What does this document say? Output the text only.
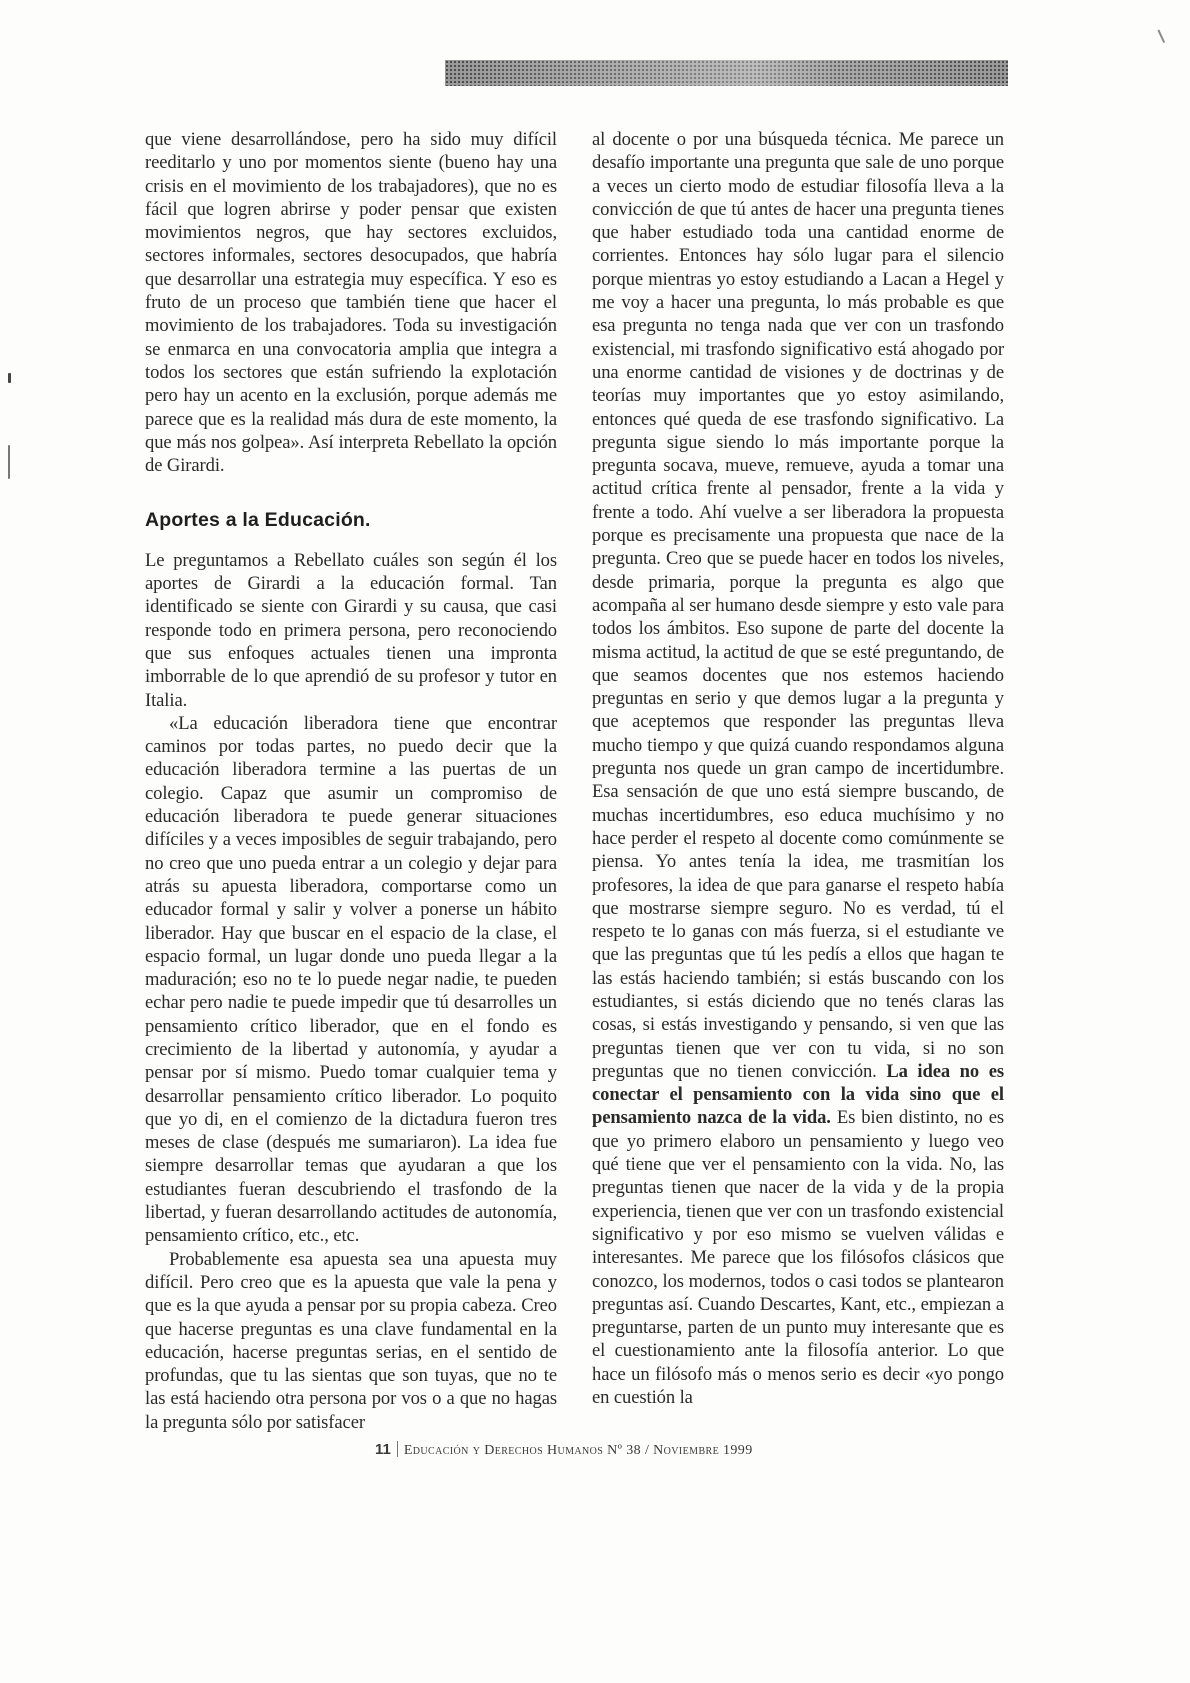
que viene desarrollándose, pero ha sido muy difícil reeditarlo y uno por momentos siente (bueno hay una crisis en el movimiento de los trabajadores), que no es fácil que logren abrirse y poder pensar que existen movimientos negros, que hay sectores excluidos, sectores informales, sectores desocupados, que habría que desarrollar una estrategia muy específica. Y eso es fruto de un proceso que también tiene que hacer el movimiento de los trabajadores. Toda su investigación se enmarca en una convocatoria amplia que integra a todos los sectores que están sufriendo la explotación pero hay un acento en la exclusión, porque además me parece que es la realidad más dura de este momento, la que más nos golpea». Así interpreta Rebellato la opción de Girardi.

Aportes a la Educación.

Le preguntamos a Rebellato cuáles son según él los aportes de Girardi a la educación formal. Tan identificado se siente con Girardi y su causa, que casi responde todo en primera persona, pero reconociendo que sus enfoques actuales tienen una impronta imborrable de lo que aprendió de su profesor y tutor en Italia.

«La educación liberadora tiene que encontrar caminos por todas partes, no puedo decir que la educación liberadora termine a las puertas de un colegio. Capaz que asumir un compromiso de educación liberadora te puede generar situaciones difíciles y a veces imposibles de seguir trabajando, pero no creo que uno pueda entrar a un colegio y dejar para atrás su apuesta liberadora, comportarse como un educador formal y salir y volver a ponerse un hábito liberador. Hay que buscar en el espacio de la clase, el espacio formal, un lugar donde uno pueda llegar a la maduración; eso no te lo puede negar nadie, te pueden echar pero nadie te puede impedir que tú desarrolles un pensamiento crítico liberador, que en el fondo es crecimiento de la libertad y autonomía, y ayudar a pensar por sí mismo. Puedo tomar cualquier tema y desarrollar pensamiento crítico liberador. Lo poquito que yo di, en el comienzo de la dictadura fueron tres meses de clase (después me sumariaron). La idea fue siempre desarrollar temas que ayudaran a que los estudiantes fueran descubriendo el trasfondo de la libertad, y fueran desarrollando actitudes de autonomía, pensamiento crítico, etc., etc.

Probablemente esa apuesta sea una apuesta muy difícil. Pero creo que es la apuesta que vale la pena y que es la que ayuda a pensar por su propia cabeza. Creo que hacerse preguntas es una clave fundamental en la educación, hacerse preguntas serias, en el sentido de profundas, que tu las sientas que son tuyas, que no te las está haciendo otra persona por vos o a que no hagas la pregunta sólo por satisfacer

al docente o por una búsqueda técnica. Me parece un desafío importante una pregunta que sale de uno porque a veces un cierto modo de estudiar filosofía lleva a la convicción de que tú antes de hacer una pregunta tienes que haber estudiado toda una cantidad enorme de corrientes. Entonces hay sólo lugar para el silencio porque mientras yo estoy estudiando a Lacan a Hegel y me voy a hacer una pregunta, lo más probable es que esa pregunta no tenga nada que ver con un trasfondo existencial, mi trasfondo significativo está ahogado por una enorme cantidad de visiones y de doctrinas y de teorías muy importantes que yo estoy asimilando, entonces qué queda de ese trasfondo significativo. La pregunta sigue siendo lo más importante porque la pregunta socava, mueve, remueve, ayuda a tomar una actitud crítica frente al pensador, frente a la vida y frente a todo. Ahí vuelve a ser liberadora la propuesta porque es precisamente una propuesta que nace de la pregunta. Creo que se puede hacer en todos los niveles, desde primaria, porque la pregunta es algo que acompaña al ser humano desde siempre y esto vale para todos los ámbitos. Eso supone de parte del docente la misma actitud, la actitud de que se esté preguntando, de que seamos docentes que nos estemos haciendo preguntas en serio y que demos lugar a la pregunta y que aceptemos que responder las preguntas lleva mucho tiempo y que quizá cuando respondamos alguna pregunta nos quede un gran campo de incertidumbre. Esa sensación de que uno está siempre buscando, de muchas incertidumbres, eso educa muchísimo y no hace perder el respeto al docente como comúnmente se piensa. Yo antes tenía la idea, me trasmitían los profesores, la idea de que para ganarse el respeto había que mostrarse siempre seguro. No es verdad, tú el respeto te lo ganas con más fuerza, si el estudiante ve que las preguntas que tú les pedís a ellos que hagan te las estás haciendo también; si estás buscando con los estudiantes, si estás diciendo que no tenés claras las cosas, si estás investigando y pensando, si ven que las preguntas tienen que ver con tu vida, si no son preguntas que no tienen convicción. La idea no es conectar el pensamiento con la vida sino que el pensamiento nazca de la vida. Es bien distinto, no es que yo primero elaboro un pensamiento y luego veo qué tiene que ver el pensamiento con la vida. No, las preguntas tienen que nacer de la vida y de la propia experiencia, tienen que ver con un trasfondo existencial significativo y por eso mismo se vuelven válidas e interesantes. Me parece que los filósofos clásicos que conozco, los modernos, todos o casi todos se plantearon preguntas así. Cuando Descartes, Kant, etc., empiezan a preguntarse, parten de un punto muy interesante que es el cuestionamiento ante la filosofía anterior. Lo que hace un filósofo más o menos serio es decir «yo pongo en cuestión la

11 Educación y Derechos Humanos Nº 38 / Noviembre 1999
